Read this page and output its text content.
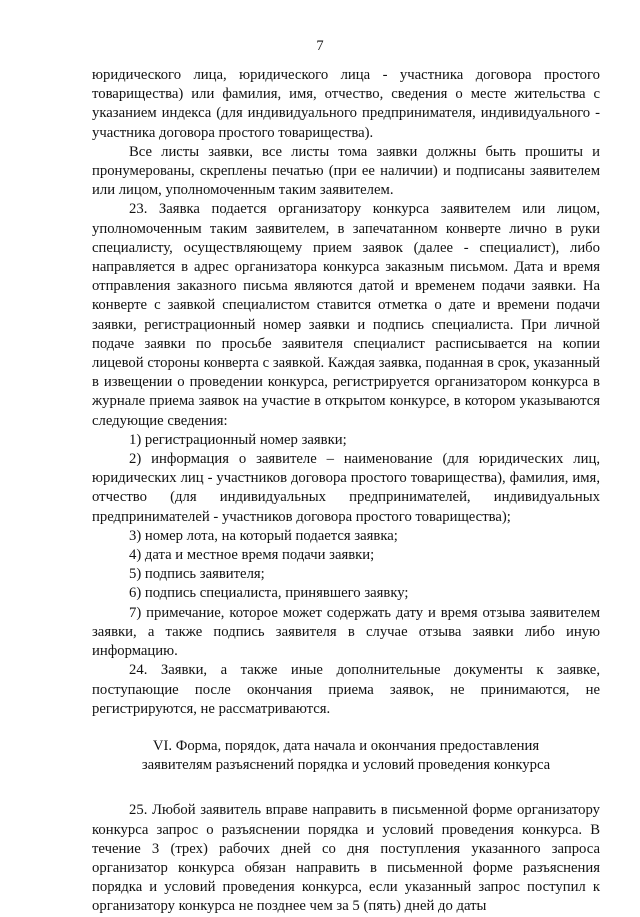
7

юридического лица, юридического лица - участника договора простого товарищества) или фамилия, имя, отчество, сведения о месте жительства с указанием индекса (для индивидуального предпринимателя, индивидуального - участника договора простого товарищества).

Все листы заявки, все листы тома заявки должны быть прошиты и пронумерованы, скреплены печатью (при ее наличии) и подписаны заявителем или лицом, уполномоченным таким заявителем.

23. Заявка подается организатору конкурса заявителем или лицом, уполномоченным таким заявителем, в запечатанном конверте лично в руки специалисту, осуществляющему прием заявок (далее - специалист), либо направляется в адрес организатора конкурса заказным письмом. Дата и время отправления заказного письма являются датой и временем подачи заявки. На конверте с заявкой специалистом ставится отметка о дате и времени подачи заявки, регистрационный номер заявки и подпись специалиста. При личной подаче заявки по просьбе заявителя специалист расписывается на копии лицевой стороны конверта с заявкой. Каждая заявка, поданная в срок, указанный в извещении о проведении конкурса, регистрируется организатором конкурса в журнале приема заявок на участие в открытом конкурсе, в котором указываются следующие сведения:

1) регистрационный номер заявки;

2) информация о заявителе – наименование (для юридических лиц, юридических лиц - участников договора простого товарищества), фамилия, имя, отчество (для индивидуальных предпринимателей, индивидуальных предпринимателей - участников договора простого товарищества);

3) номер лота, на который подается заявка;

4) дата и местное время подачи заявки;

5) подпись заявителя;

6) подпись специалиста, принявшего заявку;

7) примечание, которое может содержать дату и время отзыва заявителем заявки, а также подпись заявителя в случае отзыва заявки либо иную информацию.

24. Заявки, а также иные дополнительные документы к заявке, поступающие после окончания приема заявок, не принимаются, не регистрируются, не рассматриваются.

VI. Форма, порядок, дата начала и окончания предоставления
заявителям разъяснений порядка и условий проведения конкурса

25. Любой заявитель вправе направить в письменной форме организатору конкурса запрос о разъяснении порядка и условий проведения конкурса. В течение 3 (трех) рабочих дней со дня поступления указанного запроса организатор конкурса обязан направить в письменной форме разъяснения порядка и условий проведения конкурса, если указанный запрос поступил к организатору конкурса не позднее чем за 5 (пять) дней до даты
